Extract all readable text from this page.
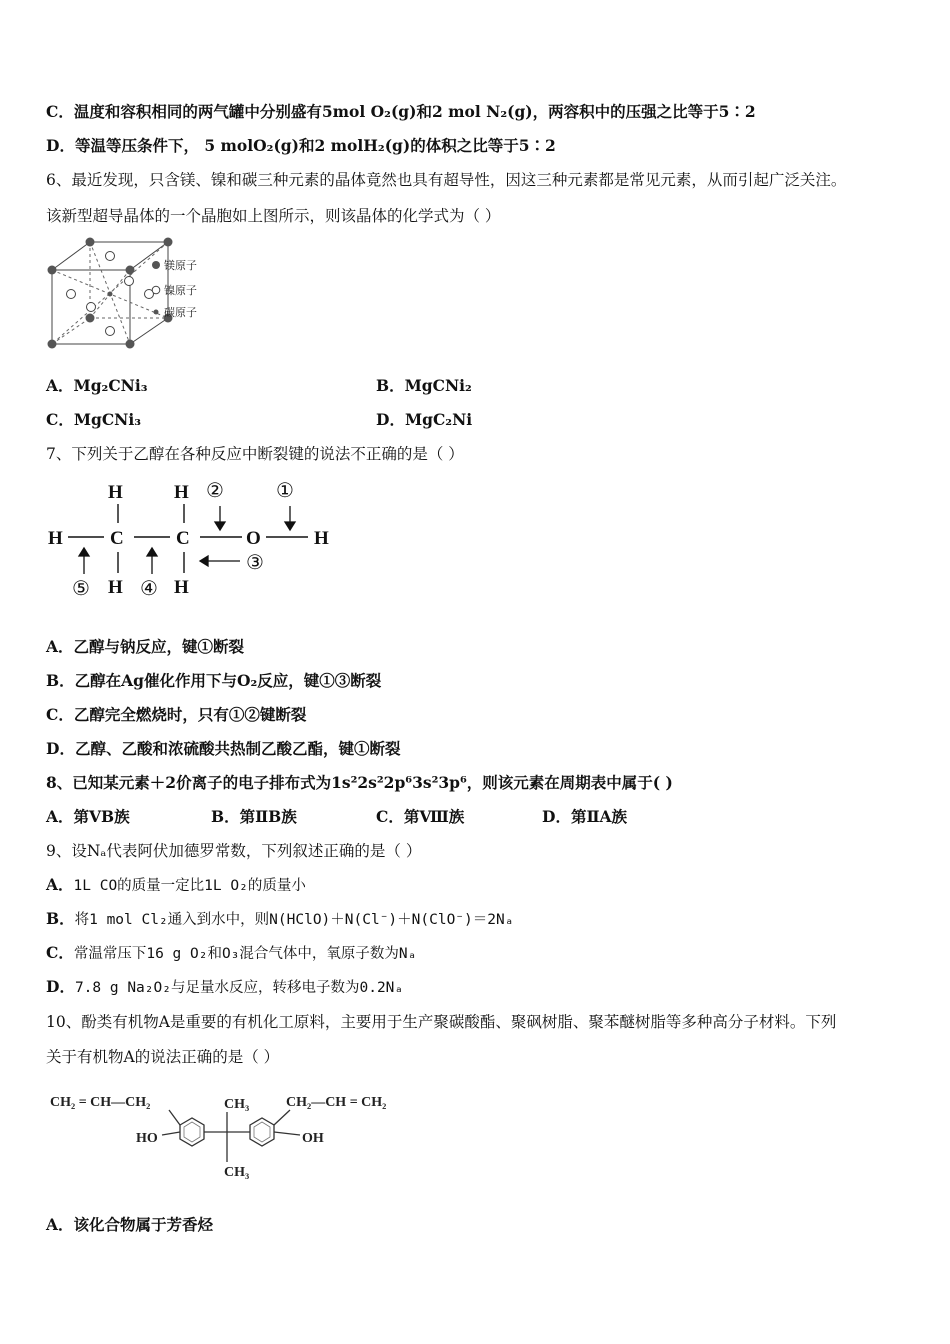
C．温度和容积相同的两气罐中分别盛有5mol O₂(g)和2 mol N₂(g)，两容积中的压强之比等于5∶2
D．等温等压条件下， 5 molO₂(g)和2 molH₂(g)的体积之比等于5∶2
6、最近发现，只含镁、镍和碳三种元素的晶体竟然也具有超导性，因这三种元素都是常见元素，从而引起广泛关注。
该新型超导晶体的一个晶胞如上图所示，则该晶体的化学式为（ ）
镁原子
镍原子
碳原子
A．Mg₂CNi₃	B．MgCNi₂
C．MgCNi₃	D．MgC₂Ni
7、下列关于乙醇在各种反应中断裂键的说法不正确的是（ ）
H	H
H C	C	O	H
H	H
①
②
③
④
⑤
A．乙醇与钠反应，键①断裂
B．乙醇在Ag催化作用下与O₂反应，键①③断裂
C．乙醇完全燃烧时，只有①②键断裂
D．乙醇、乙酸和浓硫酸共热制乙酸乙酯，键①断裂
8、已知某元素＋2价离子的电子排布式为1s²2s²2p⁶3s²3p⁶，则该元素在周期表中属于( )
A．第ⅤB族	B．第ⅡB族	C．第Ⅷ族	D．第ⅡA族
9、设Nₐ代表阿伏加德罗常数，下列叙述正确的是（ ）
A．1L CO的质量一定比1L O₂的质量小
B．将1 mol Cl₂通入到水中，则N(HClO)＋N(Cl⁻)＋N(ClO⁻)＝2Nₐ
C．常温常压下16 g O₂和O₃混合气体中，氧原子数为Nₐ
D．7.8 g Na₂O₂与足量水反应，转移电子数为0.2Nₐ
10、酚类有机物A是重要的有机化工原料，主要用于生产聚碳酸酯、聚砜树脂、聚苯醚树脂等多种高分子材料。下列
关于有机物A的说法正确的是（ ）
CH₂ = CH—CH₂	CH₂—CH = CH₂
CH₃
CH₃
HO	OH
A．该化合物属于芳香烃
